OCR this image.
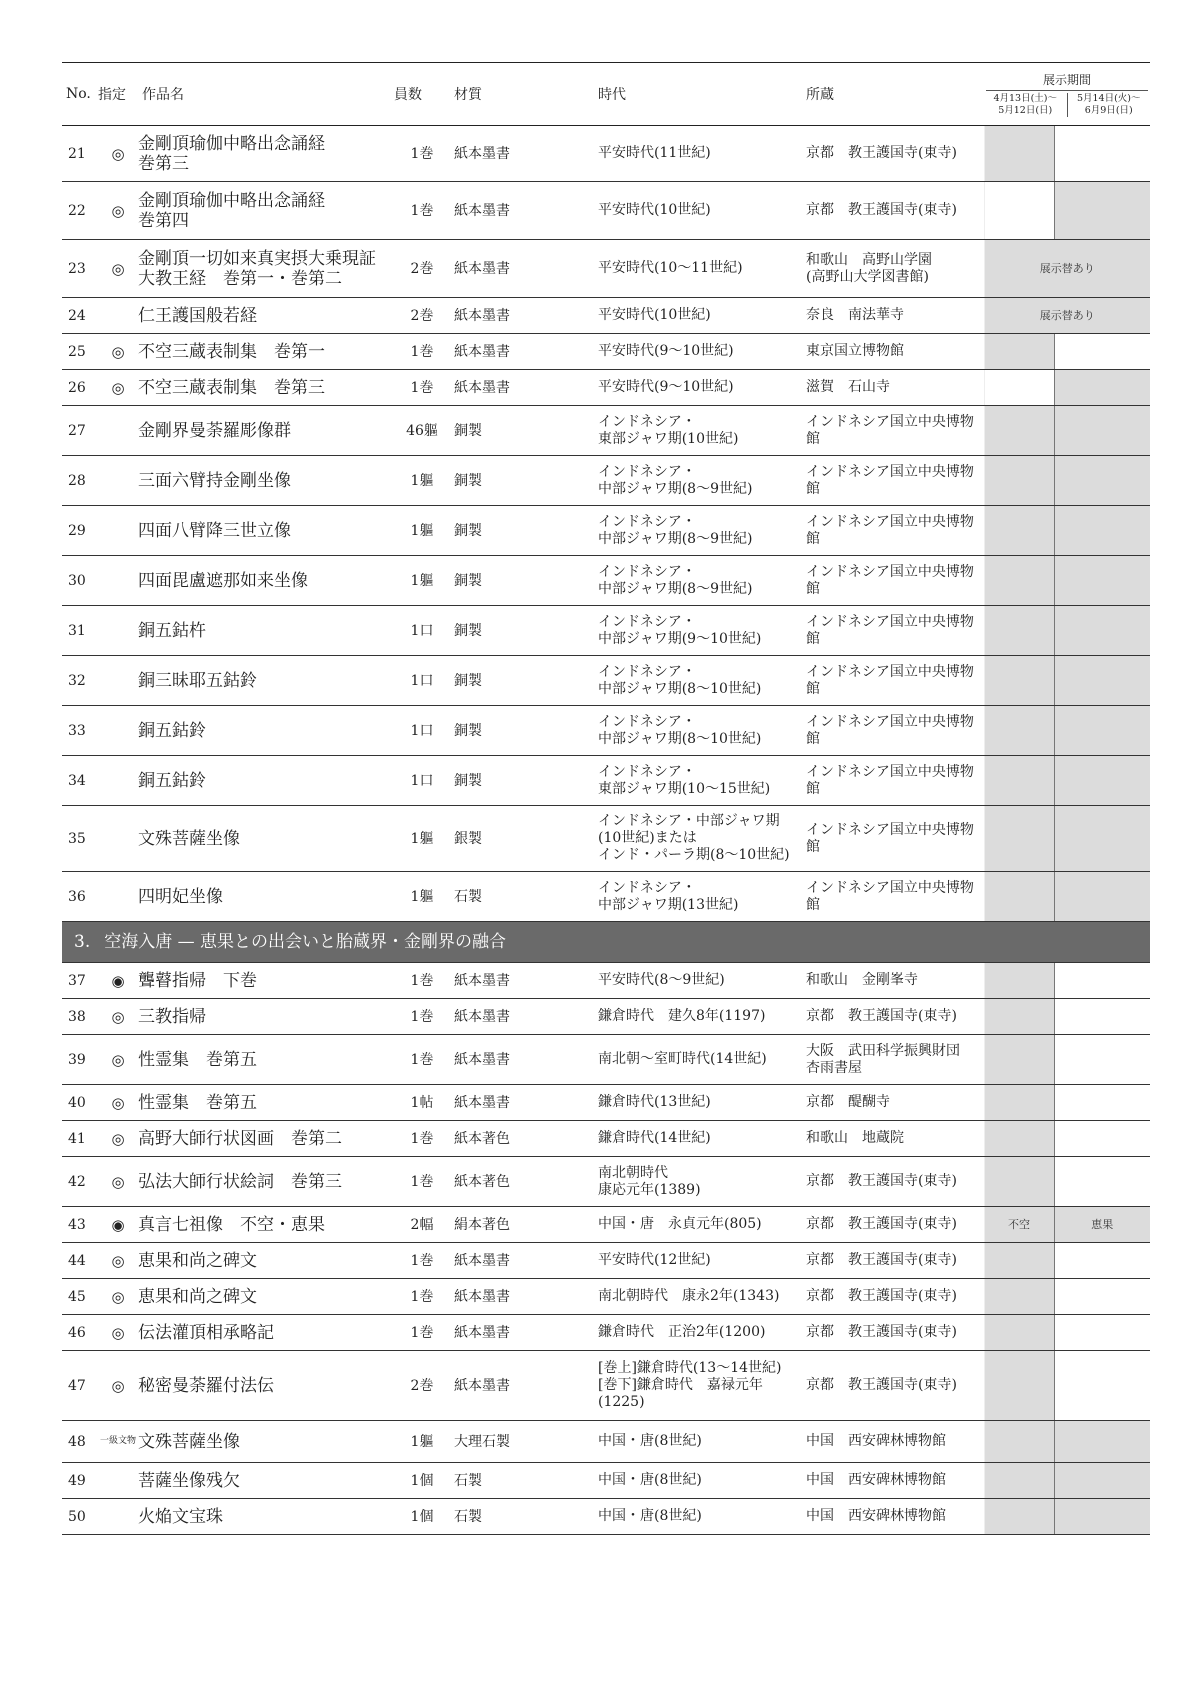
No.	指定	作品名	員数	材質	時代	所蔵	展示期間
4月13日(土)～
5月12日(日)
5月14日(火)～
6月9日(日)	

21	◎	金剛頂瑜伽中略出念誦経
巻第三	1巻	紙本墨書	平安時代(11世紀)	京都　教王護国寺(東寺)		
22	◎	金剛頂瑜伽中略出念誦経
巻第四	1巻	紙本墨書	平安時代(10世紀)	京都　教王護国寺(東寺)		
23	◎	金剛頂一切如来真実摂大乗現証
大教王経　巻第一・巻第二	2巻	紙本墨書	平安時代(10～11世紀)	和歌山　高野山学園
(高野山大学図書館)	展示替あり	
24		仁王護国般若経	2巻	紙本墨書	平安時代(10世紀)	奈良　南法華寺	展示替あり	
25	◎	不空三蔵表制集　巻第一	1巻	紙本墨書	平安時代(9～10世紀)	東京国立博物館		
26	◎	不空三蔵表制集　巻第三	1巻	紙本墨書	平安時代(9～10世紀)	滋賀　石山寺		
27		金剛界曼荼羅彫像群	46軀	銅製	インドネシア・
東部ジャワ期(10世紀)	インドネシア国立中央博物館		
28		三面六臂持金剛坐像	1軀	銅製	インドネシア・
中部ジャワ期(8～9世紀)	インドネシア国立中央博物館		
29		四面八臂降三世立像	1軀	銅製	インドネシア・
中部ジャワ期(8～9世紀)	インドネシア国立中央博物館		
30		四面毘盧遮那如来坐像	1軀	銅製	インドネシア・
中部ジャワ期(8～9世紀)	インドネシア国立中央博物館		
31		銅五鈷杵	1口	銅製	インドネシア・
中部ジャワ期(9～10世紀)	インドネシア国立中央博物館		
32		銅三昧耶五鈷鈴	1口	銅製	インドネシア・
中部ジャワ期(8～10世紀)	インドネシア国立中央博物館		
33		銅五鈷鈴	1口	銅製	インドネシア・
中部ジャワ期(8～10世紀)	インドネシア国立中央博物館		
34		銅五鈷鈴	1口	銅製	インドネシア・
東部ジャワ期(10～15世紀)	インドネシア国立中央博物館		
35		文殊菩薩坐像	1軀	銀製	インドネシア・中部ジャワ期
(10世紀)または
インド・パーラ期(8～10世紀)	インドネシア国立中央博物館		
36		四明妃坐像	1軀	石製	インドネシア・
中部ジャワ期(13世紀)	インドネシア国立中央博物館		
3. 空海入唐 — 恵果との出会いと胎蔵界・金剛界の融合								
37	◉	聾瞽指帰　下巻	1巻	紙本墨書	平安時代(8～9世紀)	和歌山　金剛峯寺		
38	◎	三教指帰	1巻	紙本墨書	鎌倉時代　建久8年(1197)	京都　教王護国寺(東寺)		
39	◎	性霊集　巻第五	1巻	紙本墨書	南北朝～室町時代(14世紀)	大阪　武田科学振興財団
杏雨書屋		
40	◎	性霊集　巻第五	1帖	紙本墨書	鎌倉時代(13世紀)	京都　醍醐寺		
41	◎	高野大師行状図画　巻第二	1巻	紙本著色	鎌倉時代(14世紀)	和歌山　地蔵院		
42	◎	弘法大師行状絵詞　巻第三	1巻	紙本著色	南北朝時代
康応元年(1389)	京都　教王護国寺(東寺)		
43	◉	真言七祖像　不空・恵果	2幅	絹本著色	中国・唐　永貞元年(805)	京都　教王護国寺(東寺)	不空	恵果
44	◎	恵果和尚之碑文	1巻	紙本墨書	平安時代(12世紀)	京都　教王護国寺(東寺)		
45	◎	恵果和尚之碑文	1巻	紙本墨書	南北朝時代　康永2年(1343)	京都　教王護国寺(東寺)		
46	◎	伝法灌頂相承略記	1巻	紙本墨書	鎌倉時代　正治2年(1200)	京都　教王護国寺(東寺)		
47	◎	秘密曼荼羅付法伝	2巻	紙本墨書	[巻上]鎌倉時代(13～14世紀)
[巻下]鎌倉時代　嘉禄元年
(1225)	京都　教王護国寺(東寺)		
48	一級文物	文殊菩薩坐像	1軀	大理石製	中国・唐(8世紀)	中国　西安碑林博物館		
49		菩薩坐像残欠	1個	石製	中国・唐(8世紀)	中国　西安碑林博物館		
50		火焔文宝珠	1個	石製	中国・唐(8世紀)	中国　西安碑林博物館		
